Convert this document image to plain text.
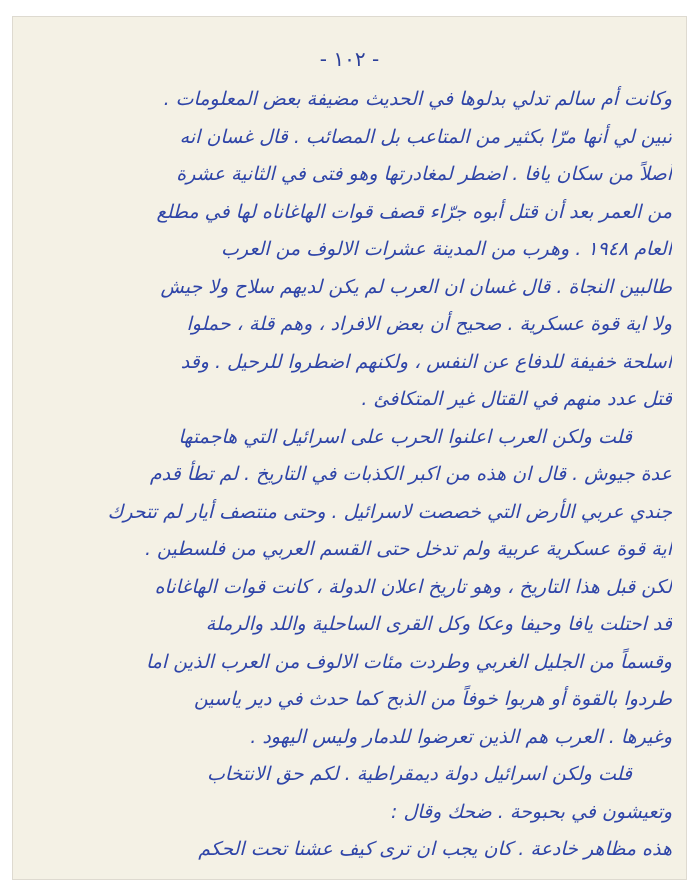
- ١٠٢ -
وكانت أم سالم تدلي بدلوها في الحديث مضيفة بعض المعلومات .
تبين لي أنها مرّا بكثير من المتاعب بل المصائب . قال غسان انه
أصلاً من سكان يافا . اضطر لمغادرتها وهو فتى في الثانية عشرة
من العمر بعد أن قتل أبوه جرّاء قصف قوات الهاغاناه لها في مطلع
العام ١٩٤٨ . وهرب من المدينة عشرات الالوف من العرب
طالبين النجاة . قال غسان ان العرب لم يكن لديهم سلاح ولا جيش
ولا اية قوة عسكرية . صحيح أن بعض الافراد ، وهم قلة ، حملوا
اسلحة خفيفة للدفاع عن النفس ، ولكنهم اضطروا للرحيل . وقد
قتل عدد منهم في القتال غير المتكافئ .
قلت ولكن العرب اعلنوا الحرب على اسرائيل التي هاجمتها
عدة جيوش . قال ان هذه من اكبر الكذبات في التاريخ . لم تطأ قدم
جندي عربي الأرض التي خصصت لاسرائيل . وحتى منتصف أيار لم تتحرك
اية قوة عسكرية عربية ولم تدخل حتى القسم العربي من فلسطين .
لكن قبل هذا التاريخ ، وهو تاريخ اعلان الدولة ، كانت قوات الهاغاناه
قد احتلت يافا وحيفا وعكا وكل القرى الساحلية واللد والرملة
وقسماً من الجليل الغربي وطردت مئات الالوف من العرب الذين اما
طردوا بالقوة أو هربوا خوفاً من الذبح كما حدث في دير ياسين
وغيرها . العرب هم الذين تعرضوا للدمار وليس اليهود .
قلت ولكن اسرائيل دولة ديمقراطية . لكم حق الانتخاب
وتعيشون في بحبوحة . ضحك وقال :
هذه مظاهر خادعة . كان يجب ان ترى كيف عشنا تحت الحكم
